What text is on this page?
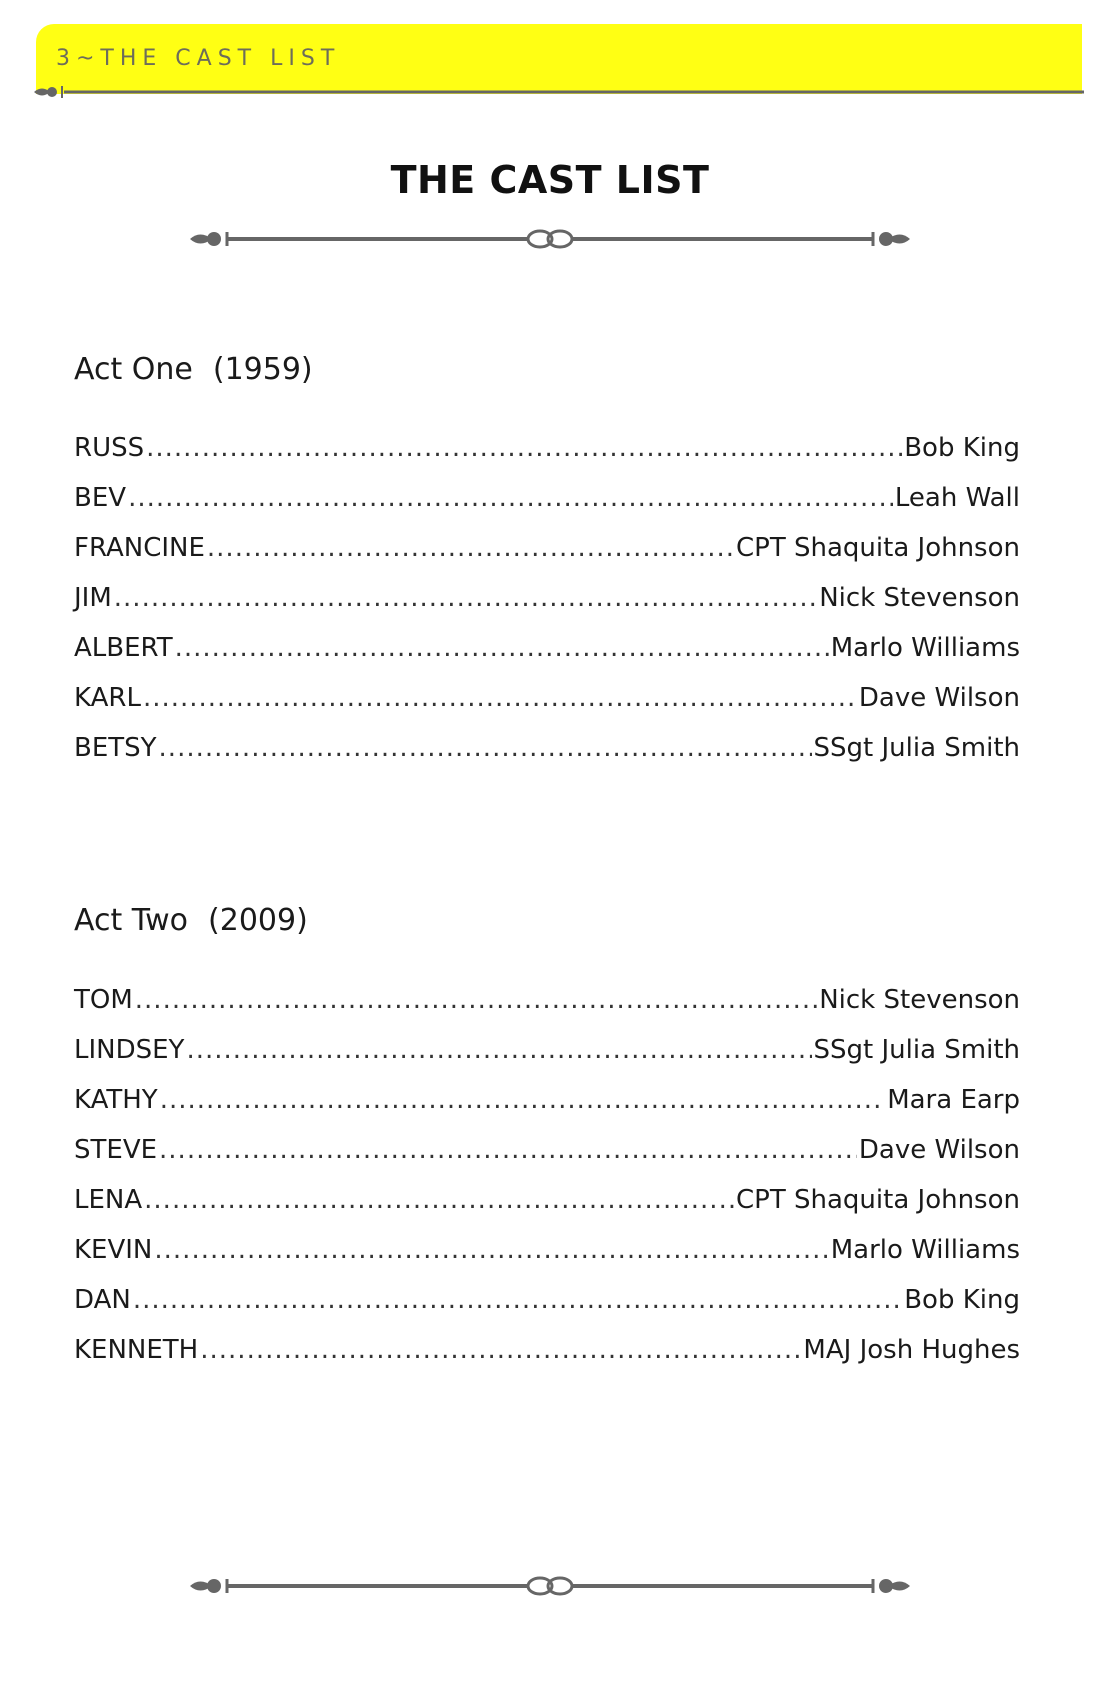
3~THE CAST LIST
THE CAST LIST
Act One (1959)
RUSS .....	Bob King
BEV .....	Leah Wall
FRANCINE .....	CPT Shaquita Johnson
JIM .....	Nick Stevenson
ALBERT .....	Marlo Williams
KARL .....	Dave Wilson
BETSY .....	SSgt Julia Smith
Act Two (2009)
TOM .....	Nick Stevenson
LINDSEY .....	SSgt Julia Smith
KATHY .....	Mara Earp
STEVE .....	Dave Wilson
LENA .....	CPT Shaquita Johnson
KEVIN .....	Marlo Williams
DAN .....	Bob King
KENNETH .....	MAJ Josh Hughes
